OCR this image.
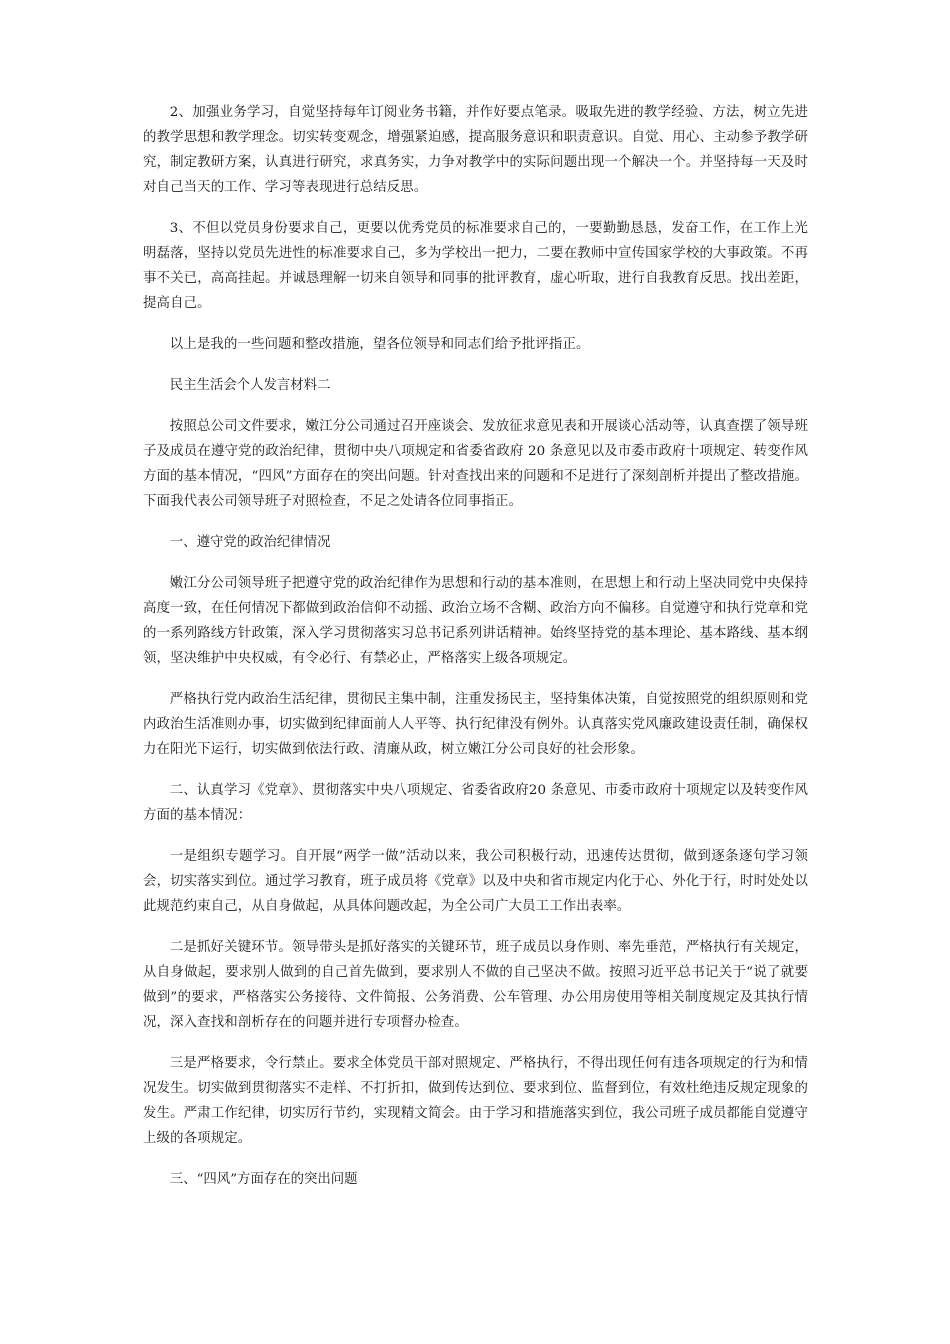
2、加强业务学习，自觉坚持每年订阅业务书籍，并作好要点笔录。吸取先进的教学经验、方法，树立先进的教学思想和教学理念。切实转变观念，增强紧迫感，提高服务意识和职责意识。自觉、用心、主动参予教学研究，制定教研方案，认真进行研究，求真务实，力争对教学中的实际问题出现一个解决一个。并坚持每一天及时对自己当天的工作、学习等表现进行总结反思。

3、不但以党员身份要求自己，更要以优秀党员的标准要求自己的，一要勤勤恳恳，发奋工作，在工作上光明磊落，坚持以党员先进性的标准要求自己，多为学校出一把力，二要在教师中宣传国家学校的大事政策。不再事不关已，高高挂起。并诚恳理解一切来自领导和同事的批评教育，虚心听取，进行自我教育反思。找出差距，提高自己。

以上是我的一些问题和整改措施，望各位领导和同志们给予批评指正。

民主生活会个人发言材料二

按照总公司文件要求，嫩江分公司通过召开座谈会、发放征求意见表和开展谈心活动等，认真查摆了领导班子及成员在遵守党的政治纪律，贯彻中央八项规定和省委省政府 20 条意见以及市委市政府十项规定、转变作风方面的基本情况，“四风”方面存在的突出问题。针对查找出来的问题和不足进行了深刻剖析并提出了整改措施。下面我代表公司领导班子对照检查，不足之处请各位同事指正。

一、遵守党的政治纪律情况

嫩江分公司领导班子把遵守党的政治纪律作为思想和行动的基本准则，在思想上和行动上坚决同党中央保持高度一致，在任何情况下都做到政治信仰不动摇、政治立场不含糊、政治方向不偏移。自觉遵守和执行党章和党的一系列路线方针政策，深入学习贯彻落实习总书记系列讲话精神。始终坚持党的基本理论、基本路线、基本纲领，坚决维护中央权威，有令必行、有禁必止，严格落实上级各项规定。

严格执行党内政治生活纪律，贯彻民主集中制，注重发扬民主，坚持集体决策，自觉按照党的组织原则和党内政治生活准则办事，切实做到纪律面前人人平等、执行纪律没有例外。认真落实党风廉政建设责任制，确保权力在阳光下运行，切实做到依法行政、清廉从政，树立嫩江分公司良好的社会形象。

二、认真学习《党章》、贯彻落实中央八项规定、省委省政府20 条意见、市委市政府十项规定以及转变作风方面的基本情况：

一是组织专题学习。自开展“两学一做”活动以来，我公司积极行动，迅速传达贯彻，做到逐条逐句学习领会，切实落实到位。通过学习教育，班子成员将《党章》以及中央和省市规定内化于心、外化于行，时时处处以此规范约束自己，从自身做起，从具体问题改起，为全公司广大员工工作出表率。

二是抓好关键环节。领导带头是抓好落实的关键环节，班子成员以身作则、率先垂范，严格执行有关规定，从自身做起，要求别人做到的自己首先做到，要求别人不做的自己坚决不做。按照习近平总书记关于“说了就要做到”的要求，严格落实公务接待、文件简报、公务消费、公车管理、办公用房使用等相关制度规定及其执行情况，深入查找和剖析存在的问题并进行专项督办检查。

三是严格要求，令行禁止。要求全体党员干部对照规定、严格执行，不得出现任何有违各项规定的行为和情况发生。切实做到贯彻落实不走样、不打折扣，做到传达到位、要求到位、监督到位，有效杜绝违反规定现象的发生。严肃工作纪律，切实厉行节约，实现精文简会。由于学习和措施落实到位，我公司班子成员都能自觉遵守上级的各项规定。

三、“四风”方面存在的突出问题
